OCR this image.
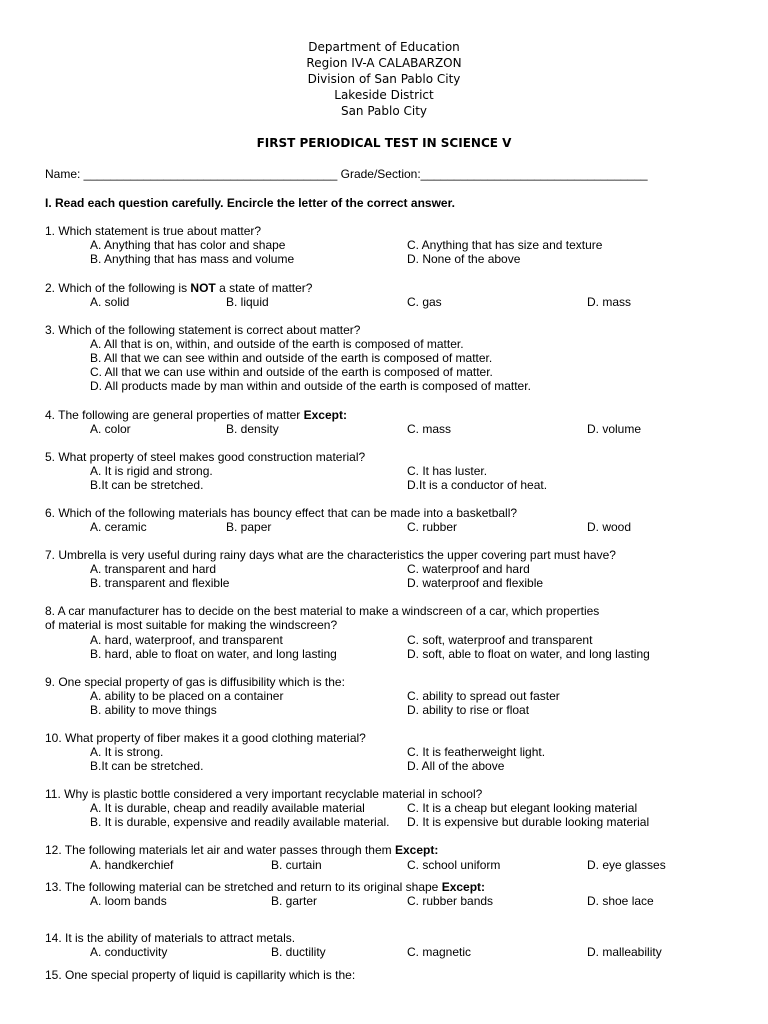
Department of Education
Region IV-A CALABARZON
Division of San Pablo City
Lakeside District
San Pablo City
FIRST PERIODICAL TEST IN SCIENCE V
Name: ______________________________________ Grade/Section:__________________________________
I. Read each question carefully. Encircle the letter of the correct answer.
1. Which statement is true about matter?
A. Anything that has color and shape
B. Anything that has mass and volume
C. Anything that has size and texture
D. None of the above
2. Which of the following is NOT a state of matter?
A. solid	B. liquid	C. gas	D. mass
3. Which of the following statement is correct about matter?
A. All that is on, within, and outside of the earth is composed of matter.
B. All that we can see within and outside of the earth is composed of matter.
C. All that we can use within and outside of the earth is composed of matter.
D. All products made by man within and outside of the earth is composed of matter.
4. The following are general properties of matter Except:
A. color	B. density	C. mass	D. volume
5. What property of steel makes good construction material?
A. It is rigid and strong.
B.It can be stretched.
C. It has luster.
D.It is a conductor of heat.
6. Which of the following materials has bouncy effect that can be made into a basketball?
A. ceramic	B. paper	C. rubber	D. wood
7. Umbrella is very useful during rainy days what are the characteristics the upper covering part must have?
A. transparent and hard
B. transparent and flexible
C. waterproof and hard
D. waterproof and flexible
8. A car manufacturer has to decide on the best material to make a windscreen of a car, which properties
of material is most suitable for making the windscreen?
A. hard, waterproof, and transparent
B. hard, able to float on water, and long lasting
C. soft, waterproof and transparent
D. soft, able to float on water, and long lasting
9. One special property of gas is diffusibility which is the:
A. ability to be placed on a container
B. ability to move things
C. ability to spread out faster
D. ability to rise or float
10. What property of fiber makes it a good clothing material?
A. It is strong.
B.It can be stretched.
C. It is featherweight light.
D. All of the above
11. Why is plastic bottle considered a very important recyclable material in school?
A. It is durable, cheap and readily available material
B. It is durable, expensive and readily available material.
C. It is a cheap but elegant looking material
D. It is expensive but durable looking material
12. The following materials let air and water passes through them Except:
A. handkerchief	B. curtain	C. school uniform	D. eye glasses
13. The following material can be stretched and return to its original shape Except:
A. loom bands	B. garter	C. rubber bands	D. shoe lace
14. It is the ability of materials to attract metals.
A. conductivity	B. ductility	C. magnetic	D. malleability
15. One special property of liquid is capillarity which is the:
